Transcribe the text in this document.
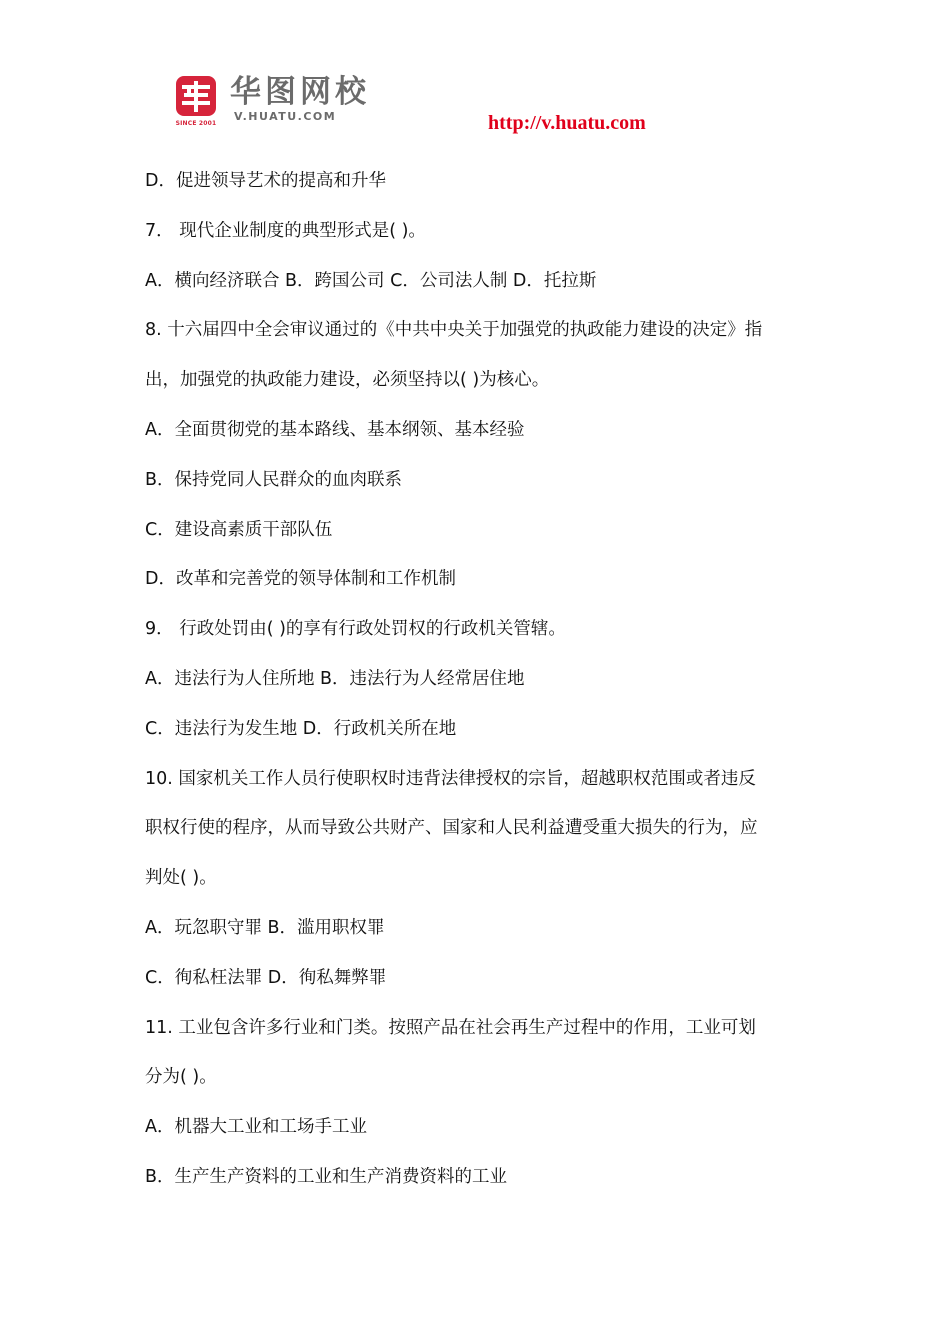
SINCE 2001
华图网校
V.HUATU.COM	http://v.huatu.com
D．促进领导艺术的提高和升华
7． 现代企业制度的典型形式是( )。
A．横向经济联合 B．跨国公司 C．公司法人制 D．托拉斯
8. 十六届四中全会审议通过的《中共中央关于加强党的执政能力建设的决定》指
出，加强党的执政能力建设，必须坚持以( )为核心。
A．全面贯彻党的基本路线、基本纲领、基本经验
B．保持党同人民群众的血肉联系
C．建设高素质干部队伍
D．改革和完善党的领导体制和工作机制
9． 行政处罚由( )的享有行政处罚权的行政机关管辖。
A．违法行为人住所地 B．违法行为人经常居住地
C．违法行为发生地 D．行政机关所在地
10. 国家机关工作人员行使职权时违背法律授权的宗旨，超越职权范围或者违反
职权行使的程序，从而导致公共财产、国家和人民利益遭受重大损失的行为，应
判处( )。
A．玩忽职守罪 B．滥用职权罪
C．徇私枉法罪 D．徇私舞弊罪
11. 工业包含许多行业和门类。按照产品在社会再生产过程中的作用，工业可划
分为( )。
A．机器大工业和工场手工业
B．生产生产资料的工业和生产消费资料的工业
